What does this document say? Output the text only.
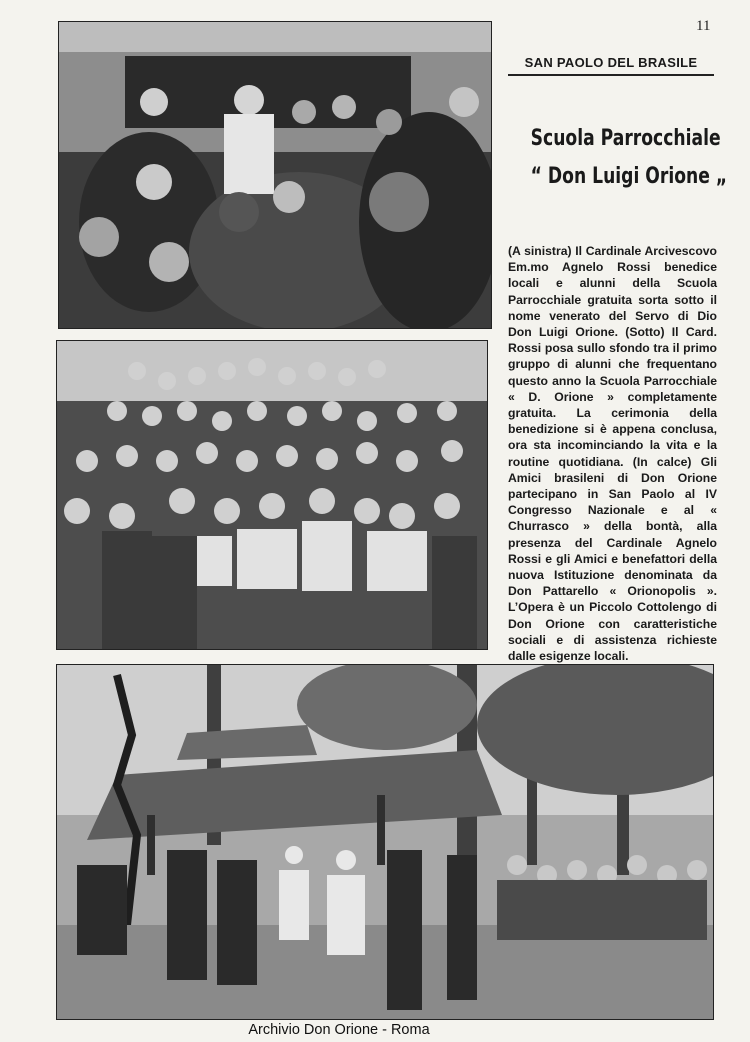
11
SAN PAOLO DEL BRASILE
Scuola Parrocchiale
“ Don Luigi Orione „
(A sinistra) Il Cardinale Arcivescovo Em.mo Agnelo Rossi benedice locali e alunni della Scuola Parrocchiale gratuita sorta sotto il nome venerato del Servo di Dio Don Luigi Orione. (Sotto) Il Card. Rossi posa sullo sfondo tra il primo gruppo di alunni che frequentano questo anno la Scuola Parrocchiale « D. Orione » completamente gratuita. La cerimonia della benedizione si è appena conclusa, ora sta incominciando la vita e la routine quotidiana. (In calce) Gli Amici brasileni di Don Orione partecipano in San Paolo al IV Congresso Nazionale e al « Churrasco » della bontà, alla presenza del Cardinale Agnelo Rossi e gli Amici e benefattori della nuova Istituzione denominata da Don Pattarello « Orionopolis ». L’Opera è un Piccolo Cottolengo di Don Orione con caratteristiche sociali e di assistenza richieste dalle esigenze locali.
Archivio Don Orione - Roma
